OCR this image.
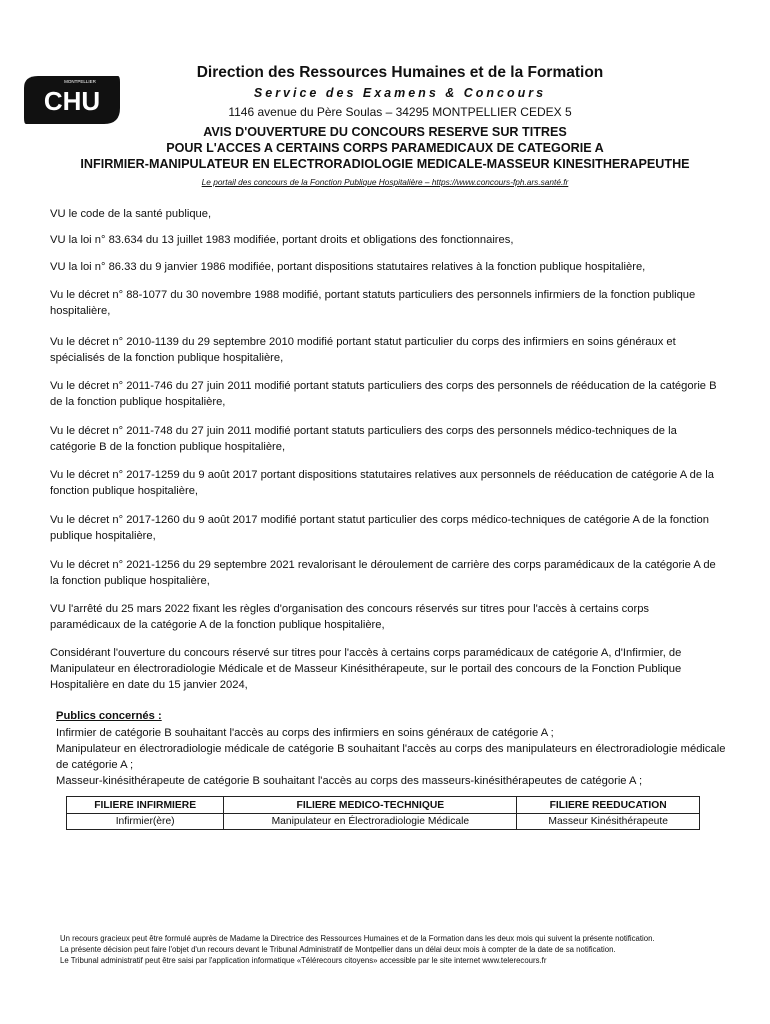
CHU
MONTPELLIER
Direction des Ressources Humaines et de la Formation
Service des Examens & Concours
1146 avenue du Père Soulas – 34295 MONTPELLIER CEDEX 5
AVIS D'OUVERTURE DU CONCOURS RESERVE SUR TITRES
POUR L'ACCES A CERTAINS CORPS PARAMEDICAUX DE CATEGORIE A
INFIRMIER-MANIPULATEUR EN ELECTRORADIOLOGIE MEDICALE-MASSEUR KINESITHERAPEUTHE
Le portail des concours de la Fonction Publique Hospitalière – https://www.concours-fph.ars.santé.fr
VU le code de la santé publique,
VU la loi n° 83.634 du 13 juillet 1983 modifiée, portant droits et obligations des fonctionnaires,
VU la loi n° 86.33 du 9 janvier 1986 modifiée, portant dispositions statutaires relatives à la fonction publique hospitalière,
Vu le décret n° 88-1077 du 30 novembre 1988 modifié, portant statuts particuliers des personnels infirmiers de la fonction publique hospitalière,
Vu le décret n° 2010-1139 du 29 septembre 2010 modifié portant statut particulier du corps des infirmiers en soins généraux et spécialisés de la fonction publique hospitalière,
Vu le décret n° 2011-746 du 27 juin 2011 modifié portant statuts particuliers des corps des personnels de rééducation de la catégorie B de la fonction publique hospitalière,
Vu le décret n° 2011-748 du 27 juin 2011 modifié portant statuts particuliers des corps des personnels médico-techniques de la catégorie B de la fonction publique hospitalière,
Vu le décret n° 2017-1259 du 9 août 2017 portant dispositions statutaires relatives aux personnels de rééducation de catégorie A de la fonction publique hospitalière,
Vu le décret n° 2017-1260 du 9 août 2017 modifié portant statut particulier des corps médico-techniques de catégorie A de la fonction publique hospitalière,
Vu le décret n° 2021-1256 du 29 septembre 2021 revalorisant le déroulement de carrière des corps paramédicaux de la catégorie A de la fonction publique hospitalière,
VU l'arrêté du 25 mars 2022 fixant les règles d'organisation des concours réservés sur titres pour l'accès à certains corps paramédicaux de la catégorie A de la fonction publique hospitalière,
Considérant l'ouverture du concours réservé sur titres pour l'accès à certains corps paramédicaux de catégorie A, d'Infirmier, de Manipulateur en électroradiologie Médicale et de Masseur Kinésithérapeute, sur le portail des concours de la Fonction Publique Hospitalière en date du 15 janvier 2024,
Publics concernés :
Infirmier de catégorie B souhaitant l'accès au corps des infirmiers en soins généraux de catégorie A ;
Manipulateur en électroradiologie médicale de catégorie B souhaitant l'accès au corps des manipulateurs en électroradiologie médicale de catégorie A ;
Masseur-kinésithérapeute de catégorie B souhaitant l'accès au corps des masseurs-kinésithérapeutes de catégorie A ;
FILIERE INFIRMIERE	FILIERE MEDICO-TECHNIQUE	FILIERE REEDUCATION
Infirmier(ère)	Manipulateur en Électroradiologie Médicale	Masseur Kinésithérapeute
Un recours gracieux peut être formulé auprès de Madame la Directrice des Ressources Humaines et de la Formation dans les deux mois qui suivent la présente notification.
La présente décision peut faire l'objet d'un recours devant le Tribunal Administratif de Montpellier dans un délai deux mois à compter de la date de sa notification.
Le Tribunal administratif peut être saisi par l'application informatique «Télérecours citoyens» accessible par le site internet www.telerecours.fr
